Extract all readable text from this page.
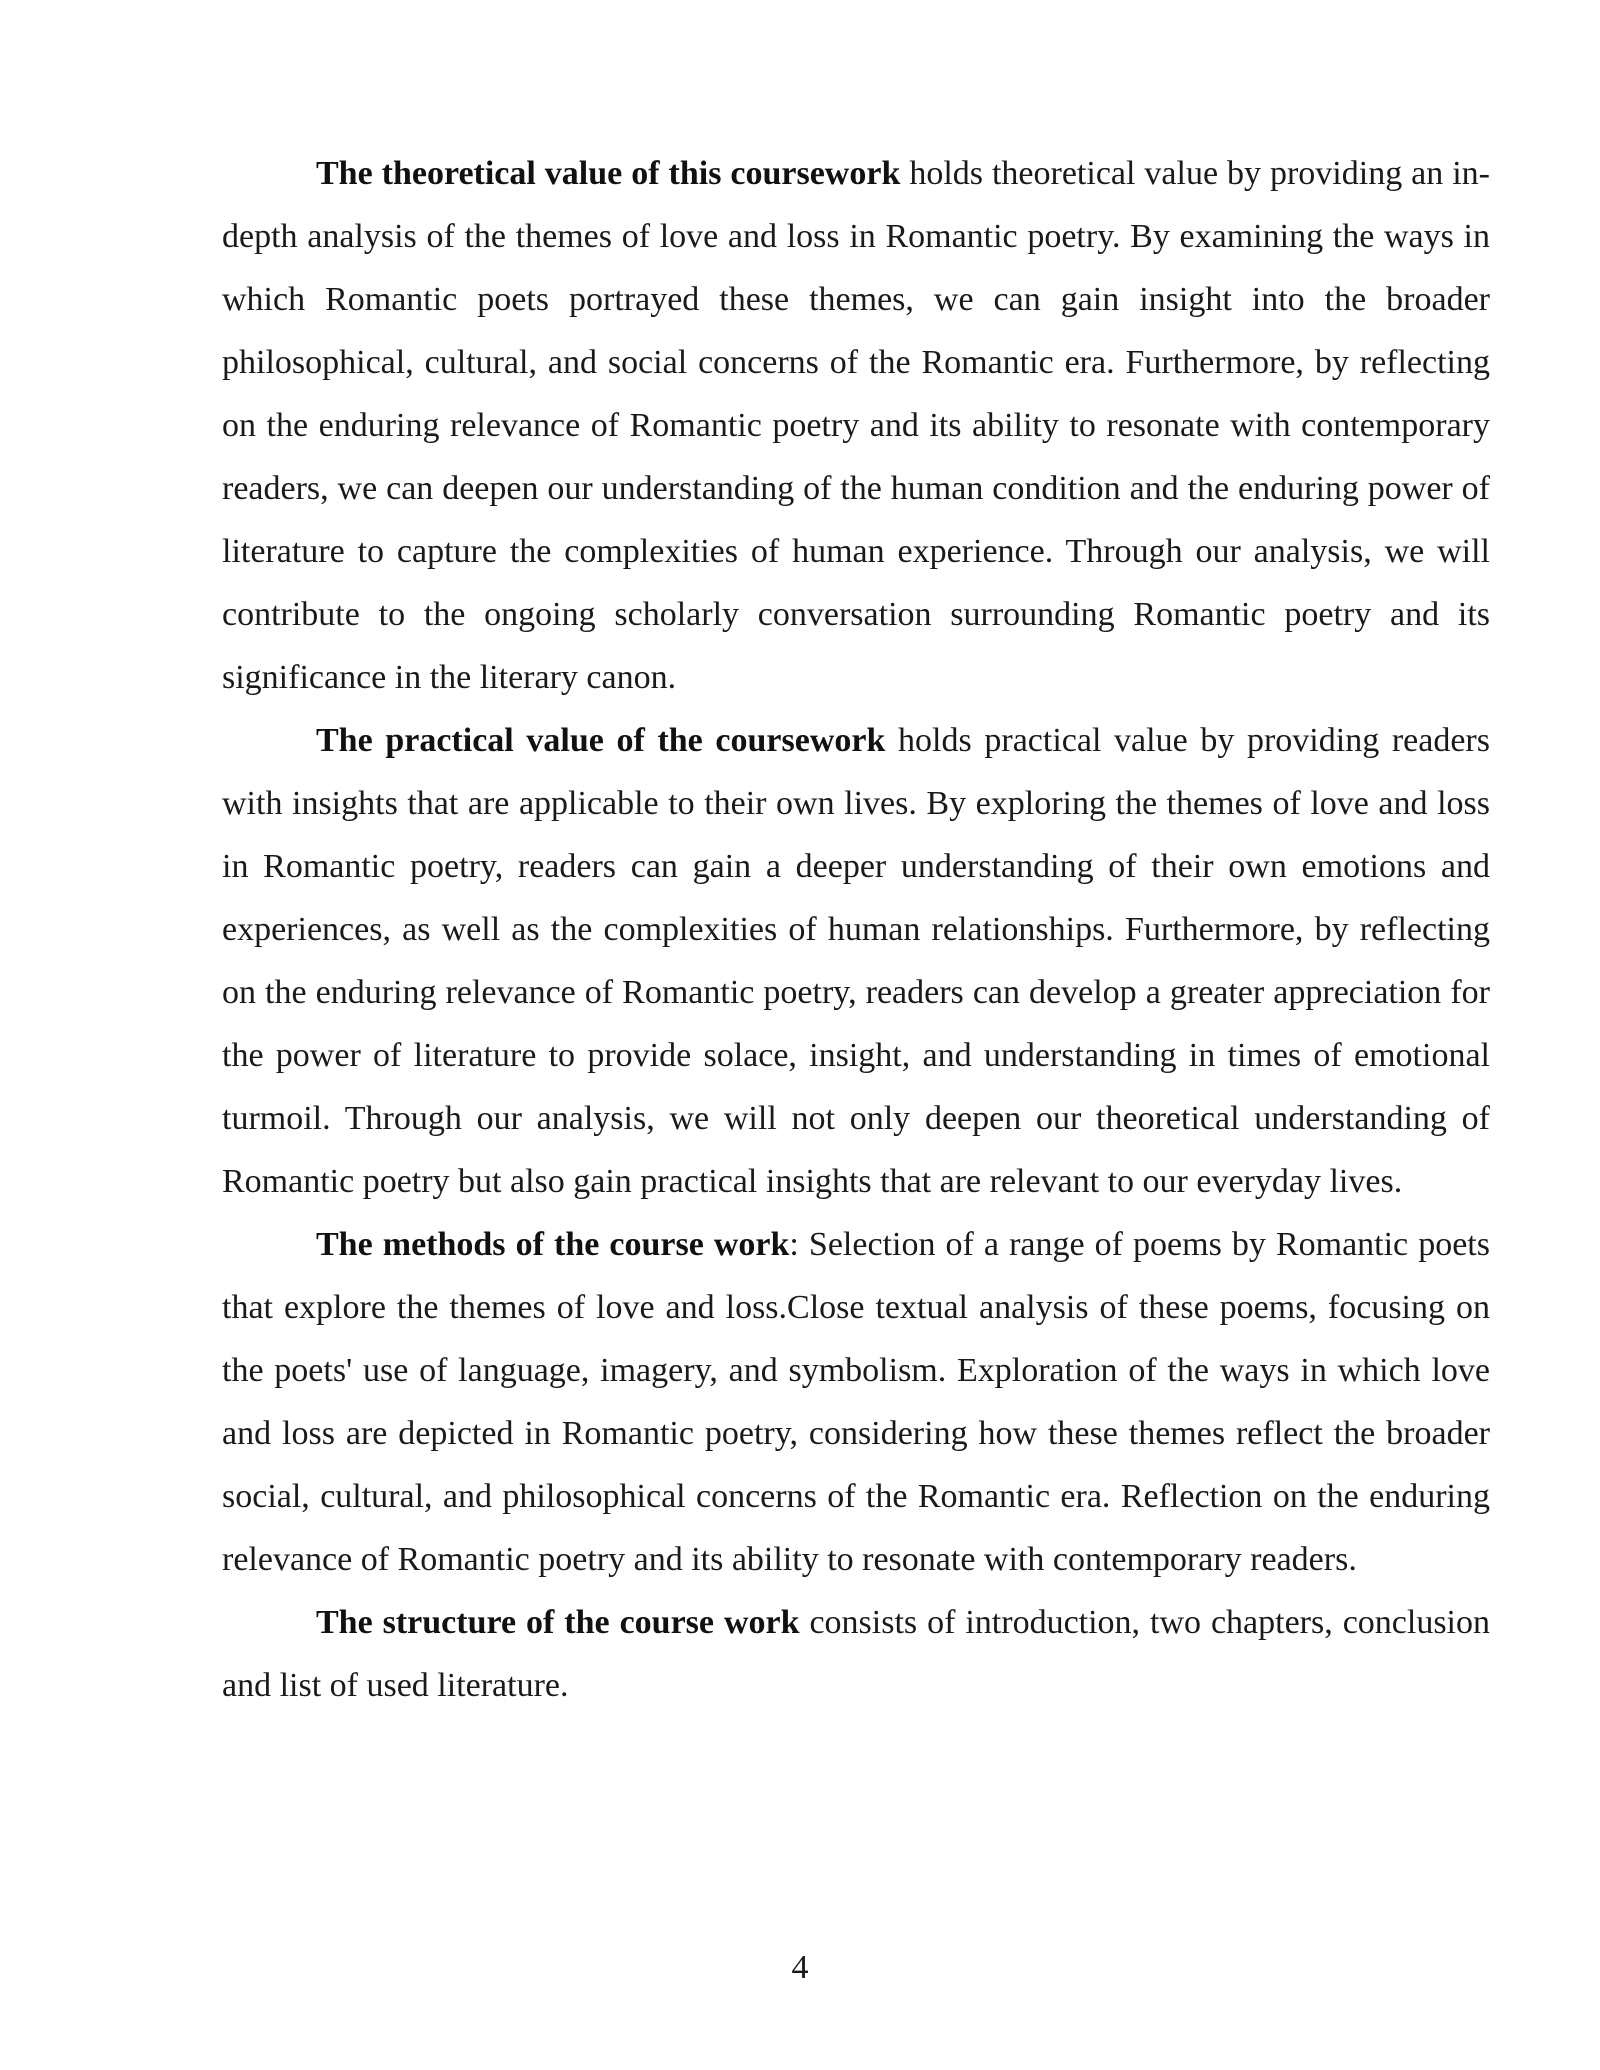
The theoretical value of this coursework holds theoretical value by providing an in-depth analysis of the themes of love and loss in Romantic poetry. By examining the ways in which Romantic poets portrayed these themes, we can gain insight into the broader philosophical, cultural, and social concerns of the Romantic era. Furthermore, by reflecting on the enduring relevance of Romantic poetry and its ability to resonate with contemporary readers, we can deepen our understanding of the human condition and the enduring power of literature to capture the complexities of human experience. Through our analysis, we will contribute to the ongoing scholarly conversation surrounding Romantic poetry and its significance in the literary canon.

The practical value of the coursework holds practical value by providing readers with insights that are applicable to their own lives. By exploring the themes of love and loss in Romantic poetry, readers can gain a deeper understanding of their own emotions and experiences, as well as the complexities of human relationships. Furthermore, by reflecting on the enduring relevance of Romantic poetry, readers can develop a greater appreciation for the power of literature to provide solace, insight, and understanding in times of emotional turmoil. Through our analysis, we will not only deepen our theoretical understanding of Romantic poetry but also gain practical insights that are relevant to our everyday lives.

The methods of the course work: Selection of a range of poems by Romantic poets that explore the themes of love and loss.Close textual analysis of these poems, focusing on the poets' use of language, imagery, and symbolism. Exploration of the ways in which love and loss are depicted in Romantic poetry, considering how these themes reflect the broader social, cultural, and philosophical concerns of the Romantic era. Reflection on the enduring relevance of Romantic poetry and its ability to resonate with contemporary readers.

The structure of the course work consists of introduction, two chapters, conclusion and list of used literature.

4
